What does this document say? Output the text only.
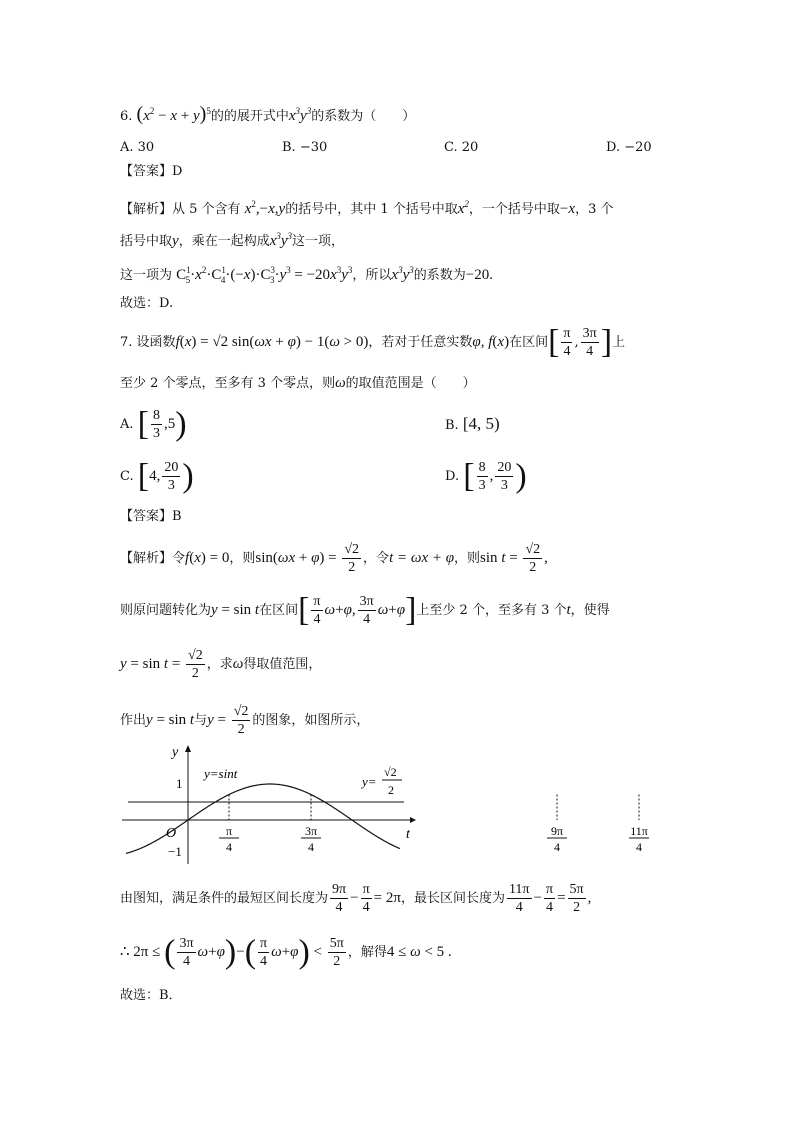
6. $(x^2 - x + y)^5$的的展开式中$x^3y^3$的系数为（　　）
A. 30	B. −30	C. 20	D. −20
【答案】D
【解析】从 5 个含有 $x^2,-x,y$的括号中，其中 1 个括号中取$x^2$，一个括号中取−x，3 个
括号中取y，乘在一起构成$x^3y^3$这一项，
这一项为 $C^1_5\cdot x^2\cdot C^1_4\cdot(-x)\cdot C^3_3\cdot y^3 = -20x^3y^3$，所以$x^3y^3$的系数为−20.
故选：D.
7. 设函数f(x) = √2 sin(ωx + φ) − 1(ω > 0)，若对于任意实数φ, f(x)在区间[ $\frac{\pi}{4}$ , $\frac{3\pi}{4}$ ]上
至少 2 个零点，至多有 3 个零点，则ω的取值范围是（　　）
A. [ $\frac{8}{3} ,5$)	B. [4, 5)
C. [4, $\frac{20}{3}$ )	D. [ $\frac{8}{3}$ , $\frac{20}{3}$ )
【答案】B
【解析】令f(x) = 0，则$\sin(\omega x + \varphi) = \frac{√2}{2}$ ，令t = ωx + φ，则$\sin t = \frac{√2}{2}$ ,
则原问题转化为y = sin t在区间[ $\frac{\pi}{4} \omega+\varphi$, $\frac{3\pi}{4} \omega+\varphi$]上至少 2 个，至多有 3 个t，使得
$y = \sin t = \frac{√2}{2}$ ，求ω得取值范围，
作出y = sin t与$y = \frac{√2}{2}$ 的图象，如图所示，
π
4
3π
4
9π
4
11π
4
y
t
O
1
−1
y=sint
y=
√2
2
由图知，满足条件的最短区间长度为 $\frac{9\pi}{4} - \frac{\pi}{4} = 2\pi$，最长区间长度为 $\frac{11\pi}{4} - \frac{\pi}{4} = \frac{5\pi}{2}$ ,
∴ 2π ≤ ( $\frac{3\pi}{4} \omega+\varphi)-( \frac{\pi}{4} \omega+\varphi) < \frac{5\pi}{2}$ ，解得4 ≤ ω < 5 .
故选：B．
